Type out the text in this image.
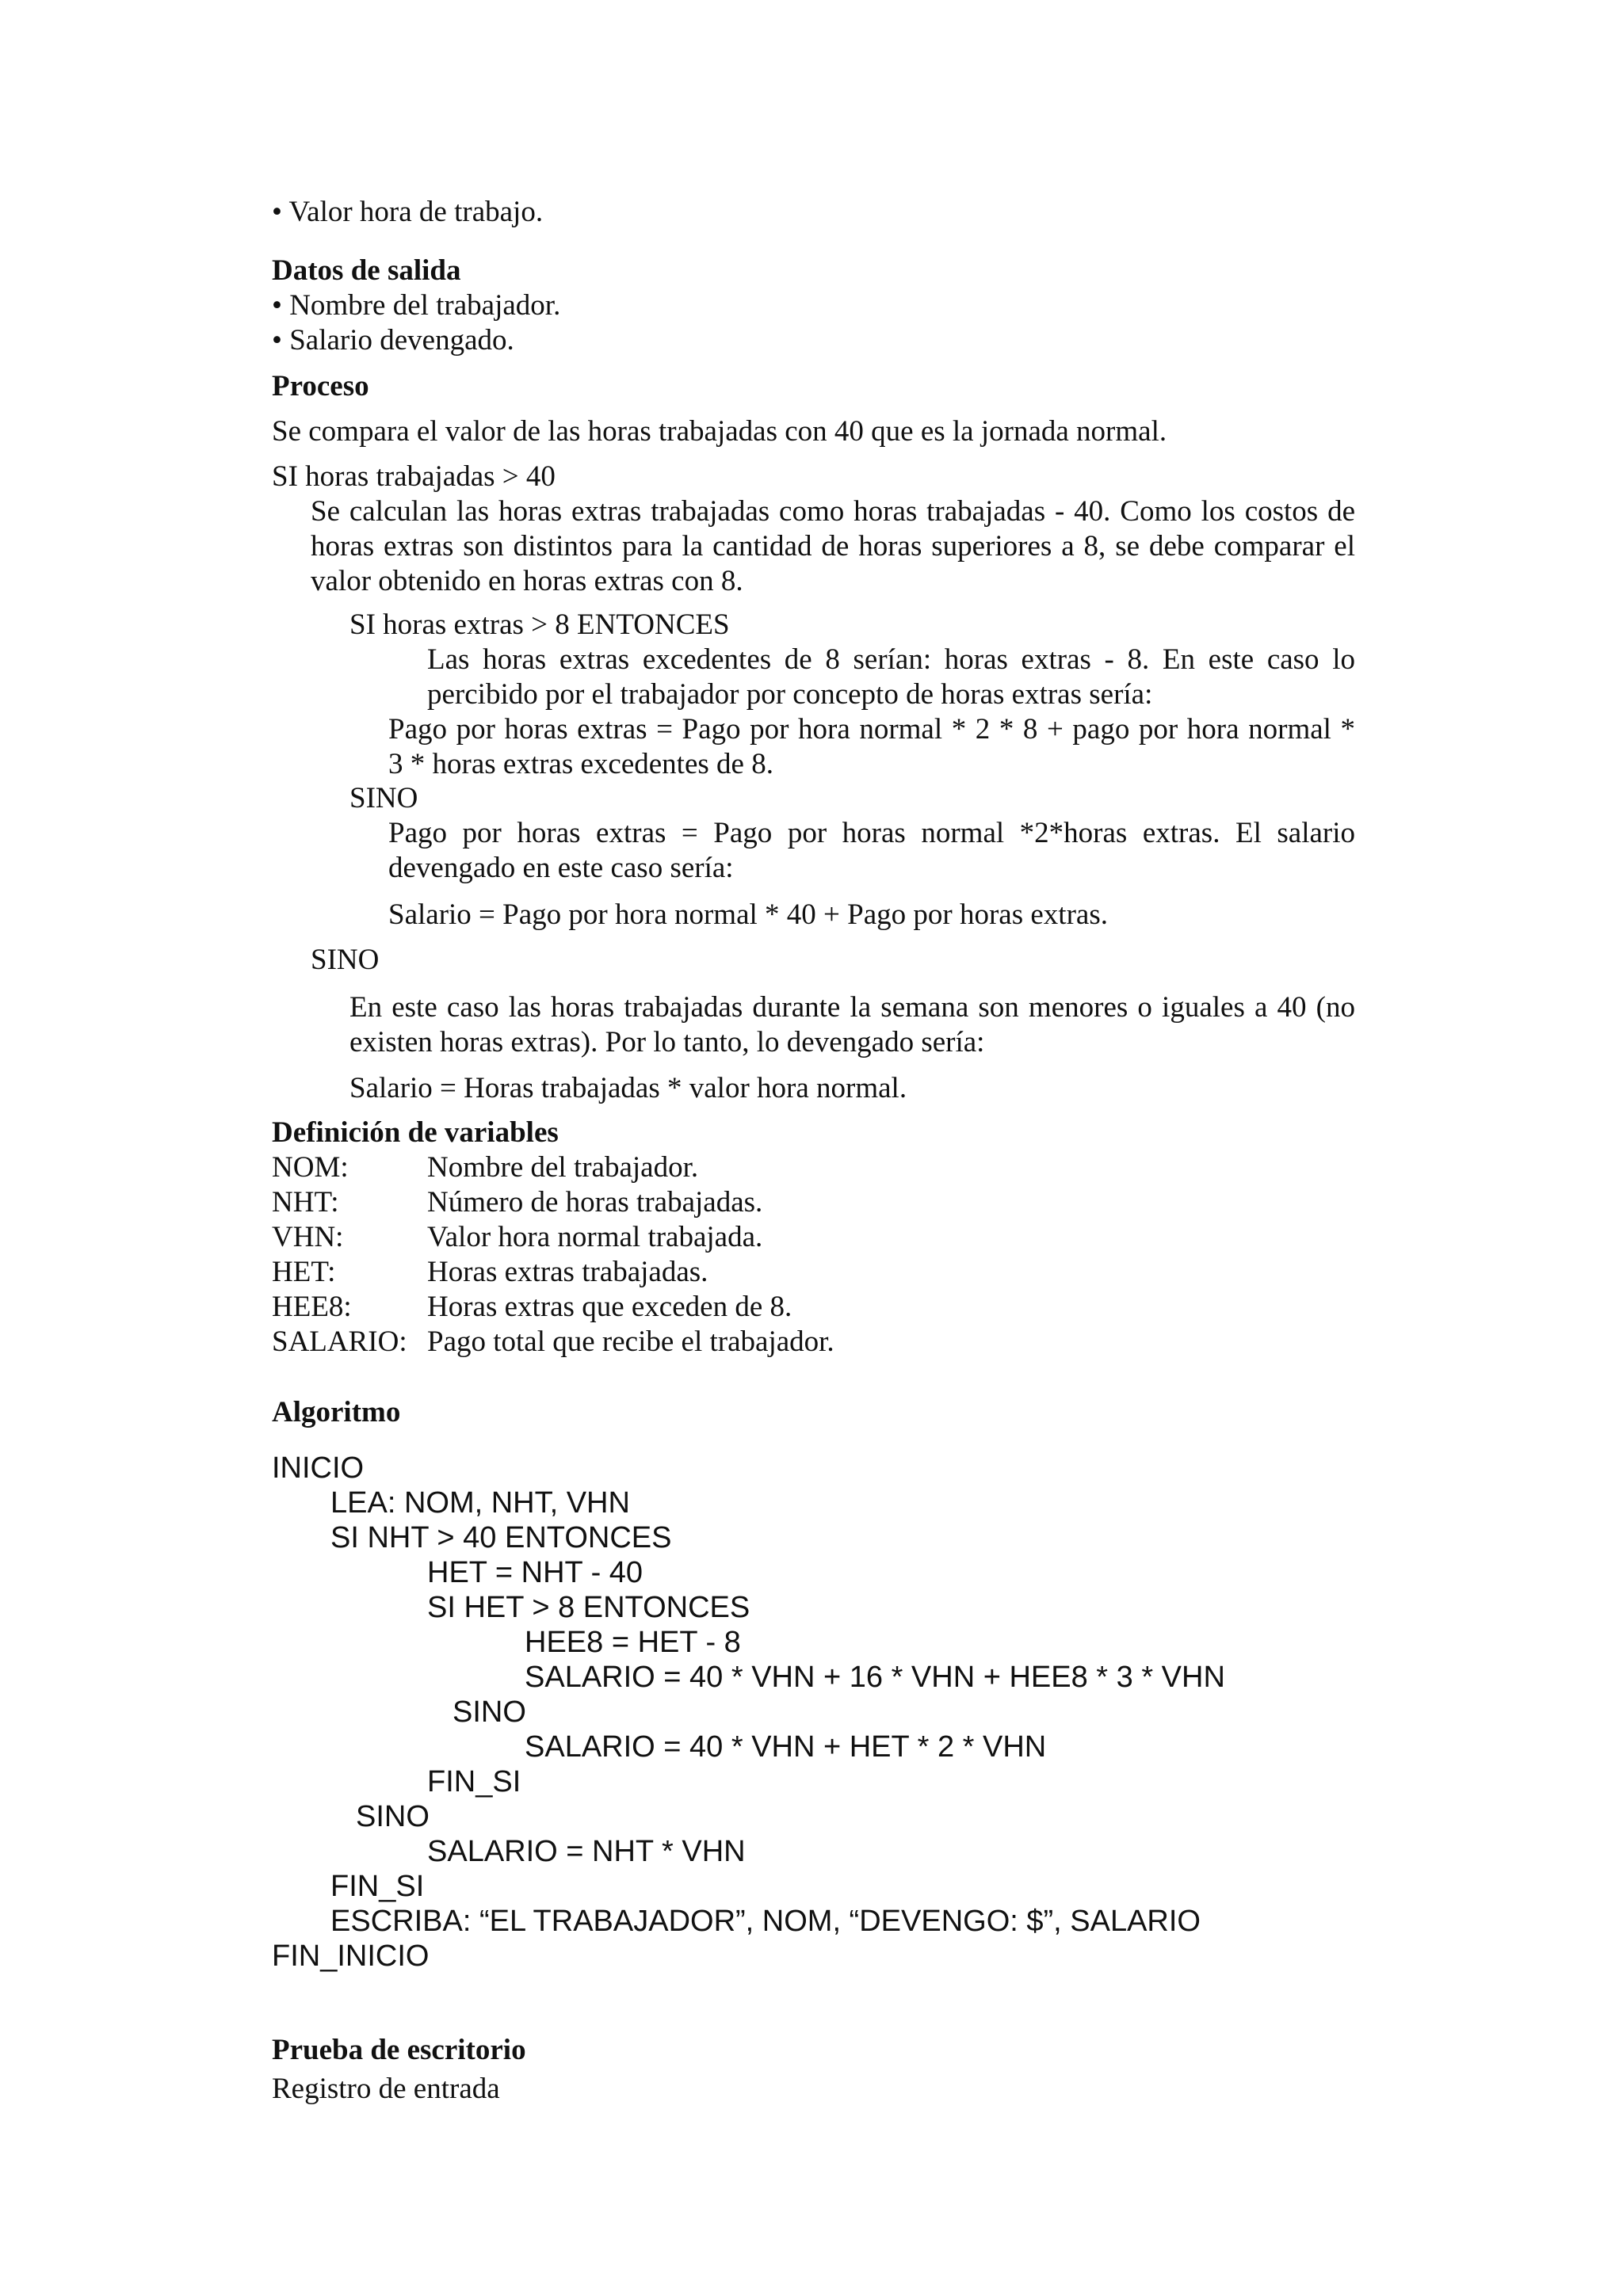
• Valor hora de trabajo.
Datos de salida
• Nombre del trabajador.
• Salario devengado.
Proceso
Se compara el valor de las horas trabajadas con 40 que es la jornada normal.
SI horas trabajadas > 40
Se calculan las horas extras trabajadas como horas trabajadas - 40. Como los costos de
horas extras son distintos para la cantidad de horas superiores a 8, se debe comparar el
valor obtenido en horas extras con 8.
SI horas extras > 8 ENTONCES
Las horas extras excedentes de 8 serían: horas extras - 8. En este caso lo
percibido por el trabajador por concepto de horas extras sería:
Pago por horas extras = Pago por hora normal * 2 * 8 + pago por hora normal *
3 * horas extras excedentes de 8.
SINO
Pago por horas extras = Pago por horas normal *2*horas extras. El salario
devengado en este caso sería:
Salario = Pago por hora normal * 40 + Pago por horas extras.
SINO
En este caso las horas trabajadas durante la semana son menores o iguales a 40 (no
existen horas extras). Por lo tanto, lo devengado sería:
Salario = Horas trabajadas * valor hora normal.
Definición de variables
NOM:	Nombre del trabajador.
NHT:	Número de horas trabajadas.
VHN:	Valor hora normal trabajada.
HET:	Horas extras trabajadas.
HEE8:	Horas extras que exceden de 8.
SALARIO: Pago total que recibe el trabajador.
Algoritmo
INICIO
LEA: NOM, NHT, VHN
SI NHT > 40 ENTONCES
HET = NHT - 40
SI HET > 8 ENTONCES
HEE8 = HET - 8
SALARIO = 40 * VHN + 16 * VHN + HEE8 * 3 * VHN
SINO
SALARIO = 40 * VHN + HET * 2 * VHN
FIN_SI
SINO
SALARIO = NHT * VHN
FIN_SI
ESCRIBA: “EL TRABAJADOR”, NOM, “DEVENGO: $”, SALARIO
FIN_INICIO
Prueba de escritorio
Registro de entrada
